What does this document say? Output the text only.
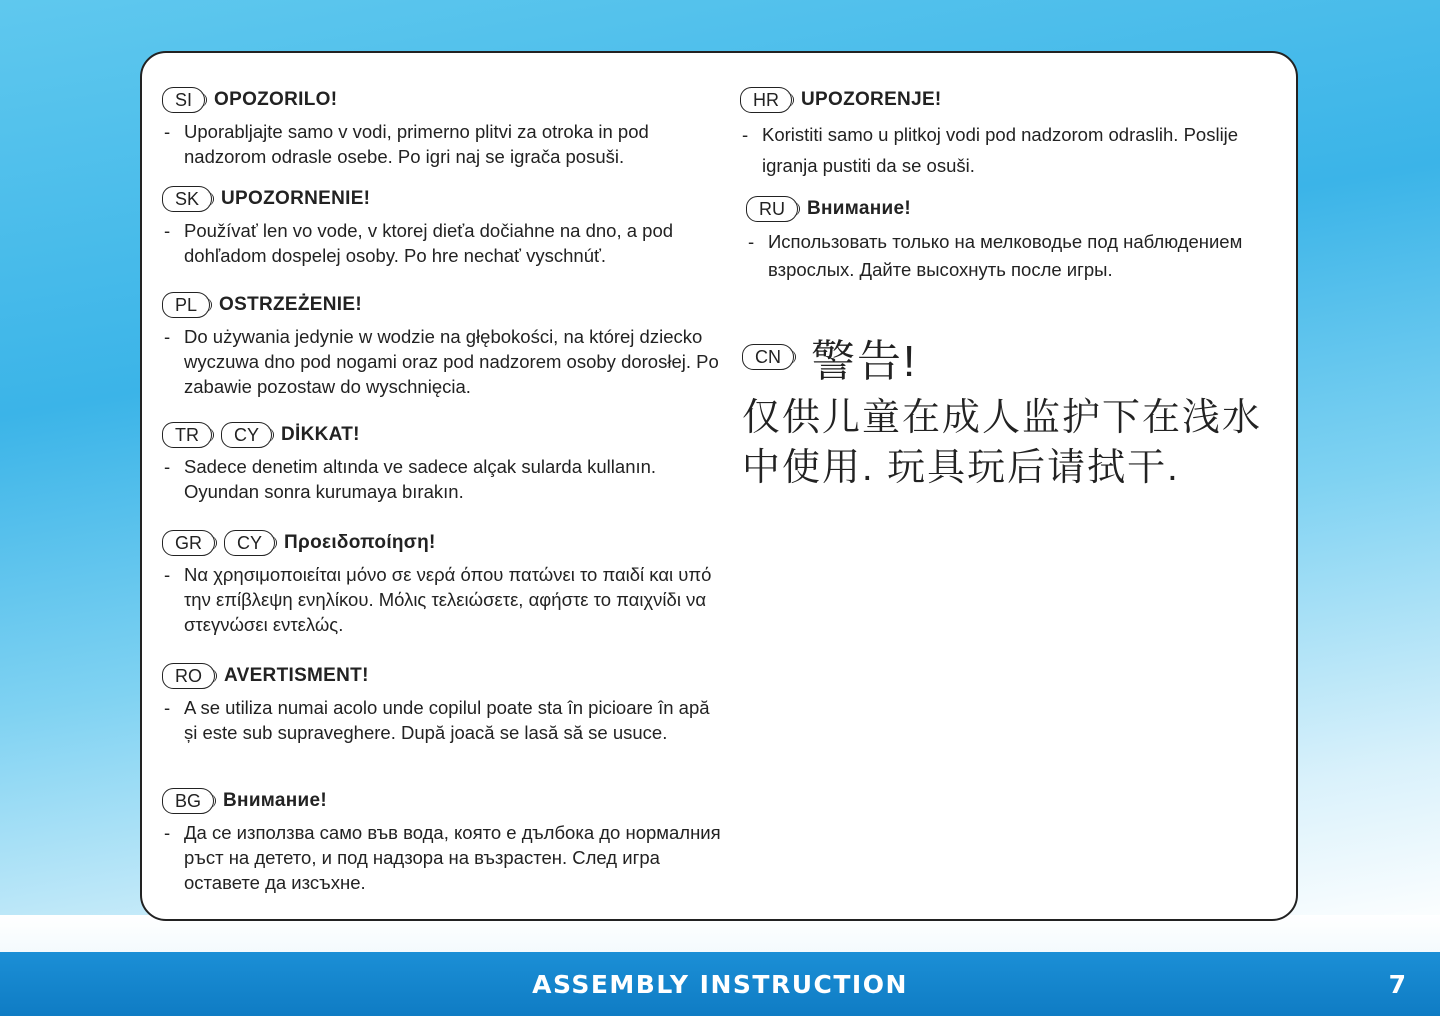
SI	OPOZORILO!
- Uporabljajte samo v vodi, primerno plitvi za otroka in pod nadzorom odrasle osebe. Po igri naj se igrača posuši.
SK	UPOZORNENIE!
- Používať len vo vode, v ktorej dieťa dočiahne na dno, a pod dohľadom dospelej osoby. Po hre nechať vyschnúť.
PL	OSTRZEŻENIE!
- Do używania jedynie w wodzie na głębokości, na której dziecko wyczuwa dno pod nogami oraz pod nadzorem osoby dorosłej. Po zabawie pozostaw do wyschnięcia.
TR	CY	DİKKAT!
- Sadece denetim altında ve sadece alçak sularda kullanın. Oyundan sonra kurumaya bırakın.
GR	CY	Προειδοποίηση!
- Να χρησιμοποιείται μόνο σε νερά όπου πατώνει το παιδί και υπό την επίβλεψη ενηλίκου. Μόλις τελειώσετε, αφήστε το παιχνίδι να στεγνώσει εντελώς.
RO	AVERTISMENT!
- A se utiliza numai acolo unde copilul poate sta în picioare în apă și este sub supraveghere. După joacă se lasă să se usuce.
BG	Внимание!
- Да се използва само във вода, която е дълбока до нормалния ръст на детето, и под надзора на възрастен. След игра оставете да изсъхне.
HR	UPOZORENJE!
- Koristiti samo u plitkoj vodi pod nadzorom odraslih. Poslije igranja pustiti da se osuši.
RU	Внимание!
- Использовать только на мелководье под наблюдением взрослых. Дайте высохнуть после игры.
CN 警告!
仅供儿童在成人监护下在浅水中使用. 玩具玩后请拭干.
ASSEMBLY INSTRUCTION	7
